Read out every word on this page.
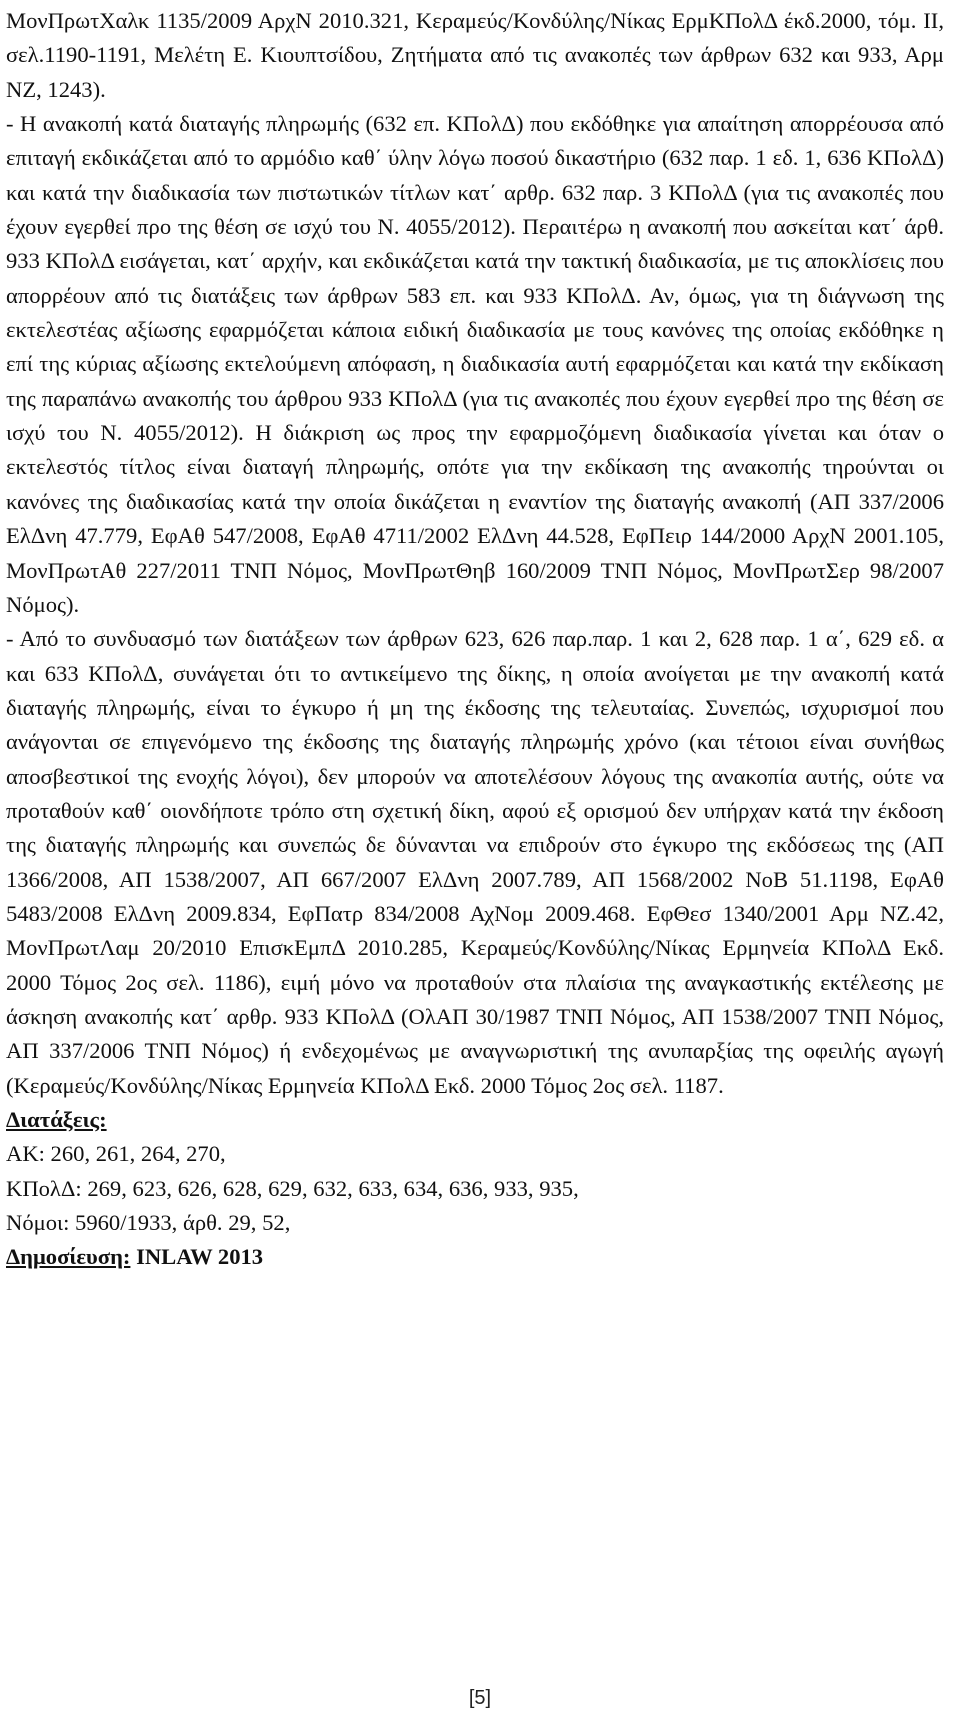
ΜονΠρωτΧαλκ 1135/2009 ΑρχΝ 2010.321, Κεραμεύς/Κονδύλης/Νίκας ΕρμΚΠολΔ έκδ.2000, τόμ. ΙΙ, σελ.1190-1191, Μελέτη Ε. Κιουπτσίδου, Ζητήματα από τις ανακοπές των άρθρων 632 και 933, Αρμ ΝΖ, 1243).

- Η ανακοπή κατά διαταγής πληρωμής (632 επ. ΚΠολΔ) που εκδόθηκε για απαίτηση απορρέουσα από επιταγή εκδικάζεται από το αρμόδιο καθ΄ ύλην λόγω ποσού δικαστήριο (632 παρ. 1 εδ. 1, 636 ΚΠολΔ) και κατά την διαδικασία των πιστωτικών τίτλων κατ΄ αρθρ. 632 παρ. 3 ΚΠολΔ (για τις ανακοπές που έχουν εγερθεί προ της θέση σε ισχύ του Ν. 4055/2012). Περαιτέρω η ανακοπή που ασκείται κατ΄ άρθ. 933 ΚΠολΔ εισάγεται, κατ΄ αρχήν, και εκδικάζεται κατά την τακτική διαδικασία, με τις αποκλίσεις που απορρέουν από τις διατάξεις των άρθρων 583 επ. και 933 ΚΠολΔ. Αν, όμως, για τη διάγνωση της εκτελεστέας αξίωσης εφαρμόζεται κάποια ειδική διαδικασία με τους κανόνες της οποίας εκδόθηκε η επί της κύριας αξίωσης εκτελούμενη απόφαση, η διαδικασία αυτή εφαρμόζεται και κατά την εκδίκαση της παραπάνω ανακοπής του άρθρου 933 ΚΠολΔ (για τις ανακοπές που έχουν εγερθεί προ της θέση σε ισχύ του Ν. 4055/2012). Η διάκριση ως προς την εφαρμοζόμενη διαδικασία γίνεται και όταν ο εκτελεστός τίτλος είναι διαταγή πληρωμής, οπότε για την εκδίκαση της ανακοπής τηρούνται οι κανόνες της διαδικασίας κατά την οποία δικάζεται η εναντίον της διαταγής ανακοπή (ΑΠ 337/2006 ΕλΔνη 47.779, ΕφΑθ 547/2008, ΕφΑθ 4711/2002 ΕλΔνη 44.528, ΕφΠειρ 144/2000 ΑρχΝ 2001.105, ΜονΠρωτΑθ 227/2011 ΤΝΠ Νόμος, ΜονΠρωτΘηβ 160/2009 ΤΝΠ Νόμος, ΜονΠρωτΣερ 98/2007 Νόμος).

- Από το συνδυασμό των διατάξεων των άρθρων 623, 626 παρ.παρ. 1 και 2, 628 παρ. 1 α΄, 629 εδ. α και 633 ΚΠολΔ, συνάγεται ότι το αντικείμενο της δίκης, η οποία ανοίγεται με την ανακοπή κατά διαταγής πληρωμής, είναι το έγκυρο ή μη της έκδοσης της τελευταίας. Συνεπώς, ισχυρισμοί που ανάγονται σε επιγενόμενο της έκδοσης της διαταγής πληρωμής χρόνο (και τέτοιοι είναι συνήθως αποσβεστικοί της ενοχής λόγοι), δεν μπορούν να αποτελέσουν λόγους της ανακοπία αυτής, ούτε να προταθούν καθ΄ οιονδήποτε τρόπο στη σχετική δίκη, αφού εξ ορισμού δεν υπήρχαν κατά την έκδοση της διαταγής πληρωμής και συνεπώς δε δύνανται να επιδρούν στο έγκυρο της εκδόσεως της (ΑΠ 1366/2008, ΑΠ 1538/2007, ΑΠ 667/2007 ΕλΔνη 2007.789, ΑΠ 1568/2002 ΝοΒ 51.1198, ΕφΑθ 5483/2008 ΕλΔνη 2009.834, ΕφΠατρ 834/2008 ΑχΝομ 2009.468. ΕφΘεσ 1340/2001 Αρμ ΝΖ.42, ΜονΠρωτΛαμ 20/2010 ΕπισκΕμπΔ 2010.285, Κεραμεύς/Κονδύλης/Νίκας Ερμηνεία ΚΠολΔ Εκδ. 2000 Τόμος 2ος σελ. 1186), ειμή μόνο να προταθούν στα πλαίσια της αναγκαστικής εκτέλεσης με άσκηση ανακοπής κατ΄ αρθρ. 933 ΚΠολΔ (ΟλΑΠ 30/1987 ΤΝΠ Νόμος, ΑΠ 1538/2007 ΤΝΠ Νόμος, ΑΠ 337/2006 ΤΝΠ Νόμος) ή ενδεχομένως με αναγνωριστική της ανυπαρξίας της οφειλής αγωγή (Κεραμεύς/Κονδύλης/Νίκας Ερμηνεία ΚΠολΔ Εκδ. 2000 Τόμος 2ος σελ. 1187.

Διατάξεις:

ΑΚ: 260, 261, 264, 270,

ΚΠολΔ: 269, 623, 626, 628, 629, 632, 633, 634, 636, 933, 935,

Νόμοι: 5960/1933, άρθ. 29, 52,

Δημοσίευση: INLAW 2013

[5]
